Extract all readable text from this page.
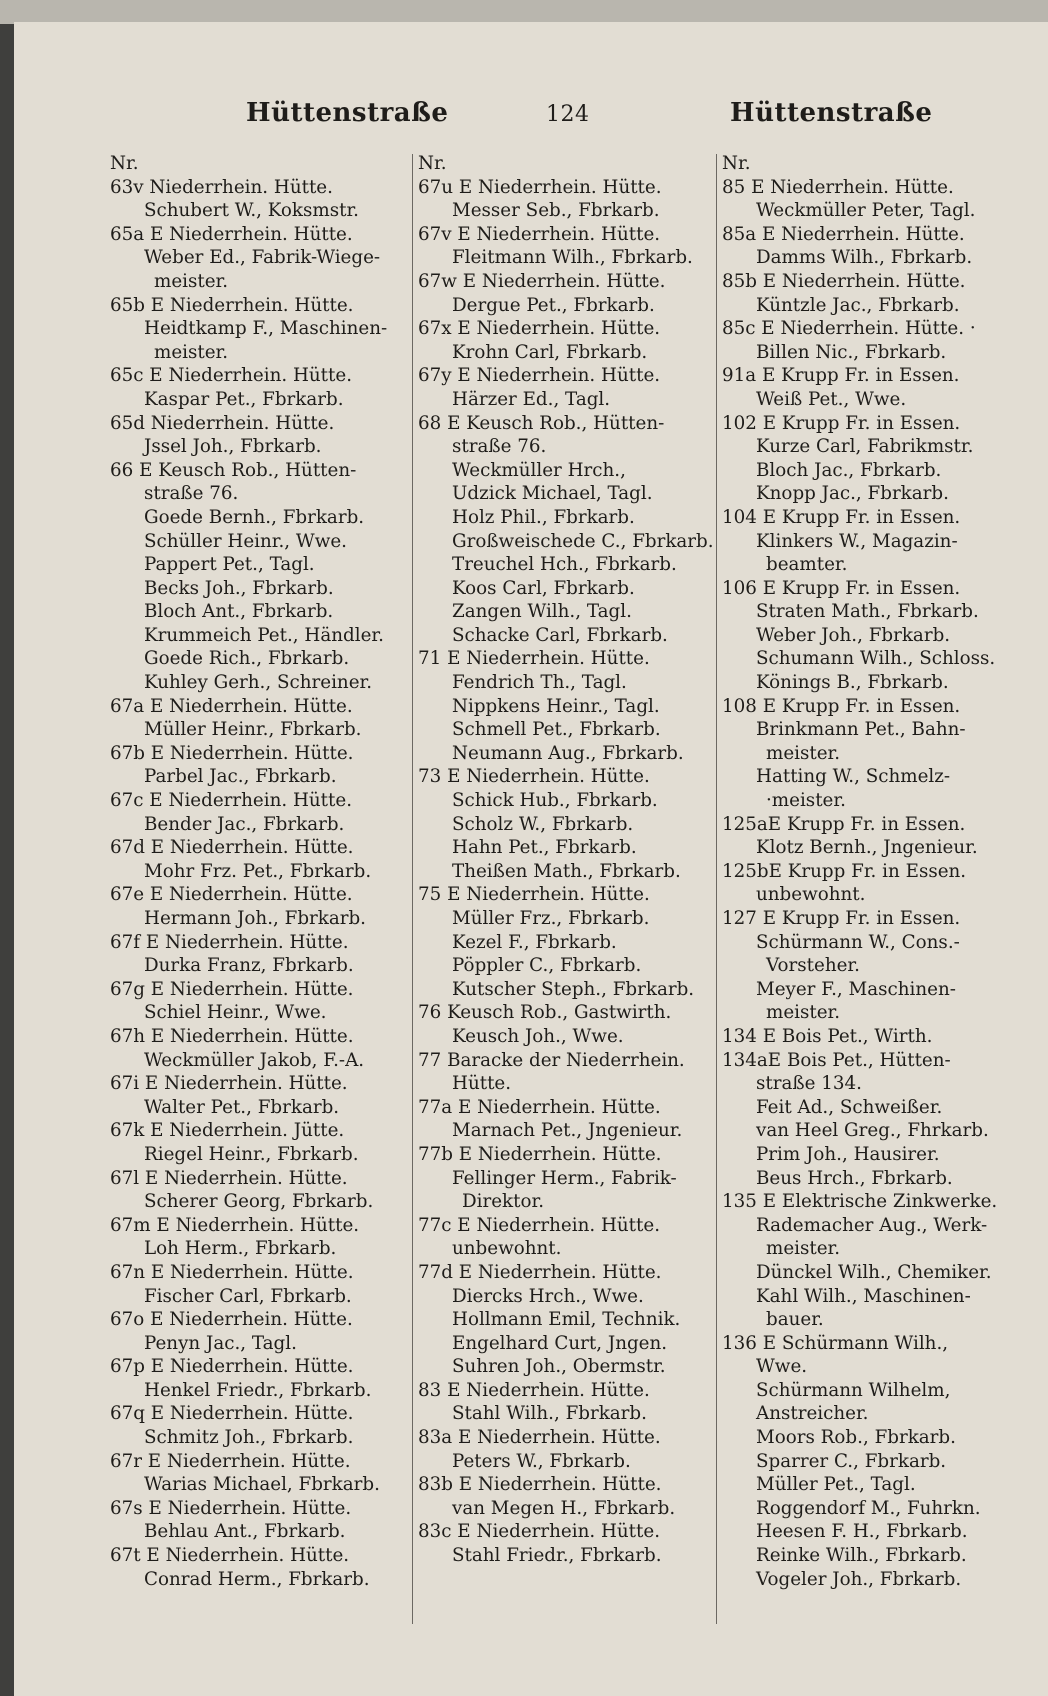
Hüttenstraße	124	Hüttenstraße
Nr.
63v Niederrhein. Hütte.
Schubert W., Koksmstr.
65a E Niederrhein. Hütte.
Weber Ed., Fabrik-Wiege-
meister.
65b E Niederrhein. Hütte.
Heidtkamp F., Maschinen-
meister.
65c E Niederrhein. Hütte.
Kaspar Pet., Fbrkarb.
65d Niederrhein. Hütte.
Jssel Joh., Fbrkarb.
66 E Keusch Rob., Hütten-
straße 76.
Goede Bernh., Fbrkarb.
Schüller Heinr., Wwe.
Pappert Pet., Tagl.
Becks Joh., Fbrkarb.
Bloch Ant., Fbrkarb.
Krummeich Pet., Händler.
Goede Rich., Fbrkarb.
Kuhley Gerh., Schreiner.
67a E Niederrhein. Hütte.
Müller Heinr., Fbrkarb.
67b E Niederrhein. Hütte.
Parbel Jac., Fbrkarb.
67c E Niederrhein. Hütte.
Bender Jac., Fbrkarb.
67d E Niederrhein. Hütte.
Mohr Frz. Pet., Fbrkarb.
67e E Niederrhein. Hütte.
Hermann Joh., Fbrkarb.
67f E Niederrhein. Hütte.
Durka Franz, Fbrkarb.
67g E Niederrhein. Hütte.
Schiel Heinr., Wwe.
67h E Niederrhein. Hütte.
Weckmüller Jakob, F.-A.
67i E Niederrhein. Hütte.
Walter Pet., Fbrkarb.
67k E Niederrhein. Jütte.
Riegel Heinr., Fbrkarb.
67l E Niederrhein. Hütte.
Scherer Georg, Fbrkarb.
67m E Niederrhein. Hütte.
Loh Herm., Fbrkarb.
67n E Niederrhein. Hütte.
Fischer Carl, Fbrkarb.
67o E Niederrhein. Hütte.
Penyn Jac., Tagl.
67p E Niederrhein. Hütte.
Henkel Friedr., Fbrkarb.
67q E Niederrhein. Hütte.
Schmitz Joh., Fbrkarb.
67r E Niederrhein. Hütte.
Warias Michael, Fbrkarb.
67s E Niederrhein. Hütte.
Behlau Ant., Fbrkarb.
67t E Niederrhein. Hütte.
Conrad Herm., Fbrkarb.
Nr.
67u E Niederrhein. Hütte.
Messer Seb., Fbrkarb.
67v E Niederrhein. Hütte.
Fleitmann Wilh., Fbrkarb.
67w E Niederrhein. Hütte.
Dergue Pet., Fbrkarb.
67x E Niederrhein. Hütte.
Krohn Carl, Fbrkarb.
67y E Niederrhein. Hütte.
Härzer Ed., Tagl.
68 E Keusch Rob., Hütten-
straße 76.
Weckmüller Hrch.,
Udzick Michael, Tagl.
Holz Phil., Fbrkarb.
Großweischede C., Fbrkarb.
Treuchel Hch., Fbrkarb.
Koos Carl, Fbrkarb.
Zangen Wilh., Tagl.
Schacke Carl, Fbrkarb.
71 E Niederrhein. Hütte.
Fendrich Th., Tagl.
Nippkens Heinr., Tagl.
Schmell Pet., Fbrkarb.
Neumann Aug., Fbrkarb.
73 E Niederrhein. Hütte.
Schick Hub., Fbrkarb.
Scholz W., Fbrkarb.
Hahn Pet., Fbrkarb.
Theißen Math., Fbrkarb.
75 E Niederrhein. Hütte.
Müller Frz., Fbrkarb.
Kezel F., Fbrkarb.
Pöppler C., Fbrkarb.
Kutscher Steph., Fbrkarb.
76 Keusch Rob., Gastwirth.
Keusch Joh., Wwe.
77 Baracke der Niederrhein.
Hütte.
77a E Niederrhein. Hütte.
Marnach Pet., Jngenieur.
77b E Niederrhein. Hütte.
Fellinger Herm., Fabrik-
Direktor.
77c E Niederrhein. Hütte.
unbewohnt.
77d E Niederrhein. Hütte.
Diercks Hrch., Wwe.
Hollmann Emil, Technik.
Engelhard Curt, Jngen.
Suhren Joh., Obermstr.
83 E Niederrhein. Hütte.
Stahl Wilh., Fbrkarb.
83a E Niederrhein. Hütte.
Peters W., Fbrkarb.
83b E Niederrhein. Hütte.
van Megen H., Fbrkarb.
83c E Niederrhein. Hütte.
Stahl Friedr., Fbrkarb.
Nr.
85 E Niederrhein. Hütte.
Weckmüller Peter, Tagl.
85a E Niederrhein. Hütte.
Damms Wilh., Fbrkarb.
85b E Niederrhein. Hütte.
Küntzle Jac., Fbrkarb.
85c E Niederrhein. Hütte. ·
Billen Nic., Fbrkarb.
91a E Krupp Fr. in Essen.
Weiß Pet., Wwe.
102 E Krupp Fr. in Essen.
Kurze Carl, Fabrikmstr.
Bloch Jac., Fbrkarb.
Knopp Jac., Fbrkarb.
104 E Krupp Fr. in Essen.
Klinkers W., Magazin-
beamter.
106 E Krupp Fr. in Essen.
Straten Math., Fbrkarb.
Weber Joh., Fbrkarb.
Schumann Wilh., Schloss.
Könings B., Fbrkarb.
108 E Krupp Fr. in Essen.
Brinkmann Pet., Bahn-
meister.
Hatting W., Schmelz-
·meister.
125aE Krupp Fr. in Essen.
Klotz Bernh., Jngenieur.
125bE Krupp Fr. in Essen.
unbewohnt.
127 E Krupp Fr. in Essen.
Schürmann W., Cons.-
Vorsteher.
Meyer F., Maschinen-
meister.
134 E Bois Pet., Wirth.
134aE Bois Pet., Hütten-
straße 134.
Feit Ad., Schweißer.
van Heel Greg., Fhrkarb.
Prim Joh., Hausirer.
Beus Hrch., Fbrkarb.
135 E Elektrische Zinkwerke.
Rademacher Aug., Werk-
meister.
Dünckel Wilh., Chemiker.
Kahl Wilh., Maschinen-
bauer.
136 E Schürmann Wilh.,
Wwe.
Schürmann Wilhelm,
Anstreicher.
Moors Rob., Fbrkarb.
Sparrer C., Fbrkarb.
Müller Pet., Tagl.
Roggendorf M., Fuhrkn.
Heesen F. H., Fbrkarb.
Reinke Wilh., Fbrkarb.
Vogeler Joh., Fbrkarb.
